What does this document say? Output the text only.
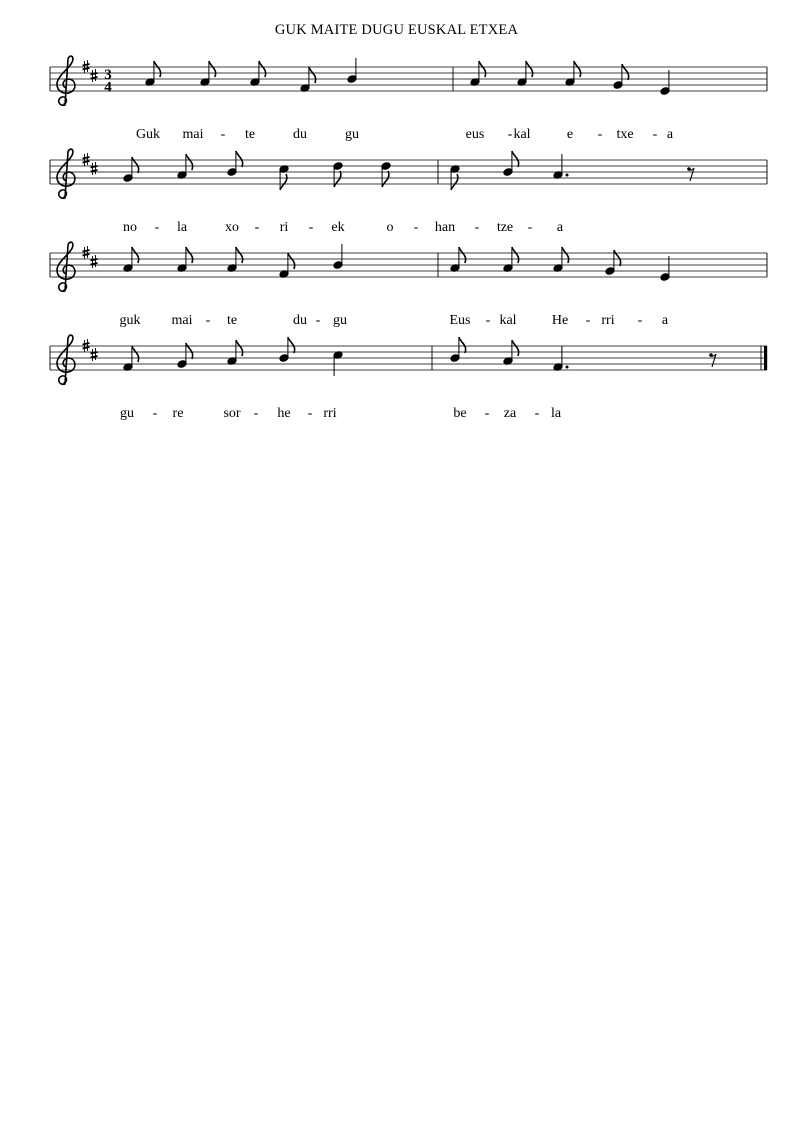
GUK MAITE DUGU EUSKAL ETXEA
3
4
Guk mai - te	du	gu	eus - kal	e - txe - a
no - la	xo - ri - ek	o - han - tze - a
guk mai - te	du - gu	Eus - kal	He - rri - a
gu - re	sor - he - rri	be - za - la
